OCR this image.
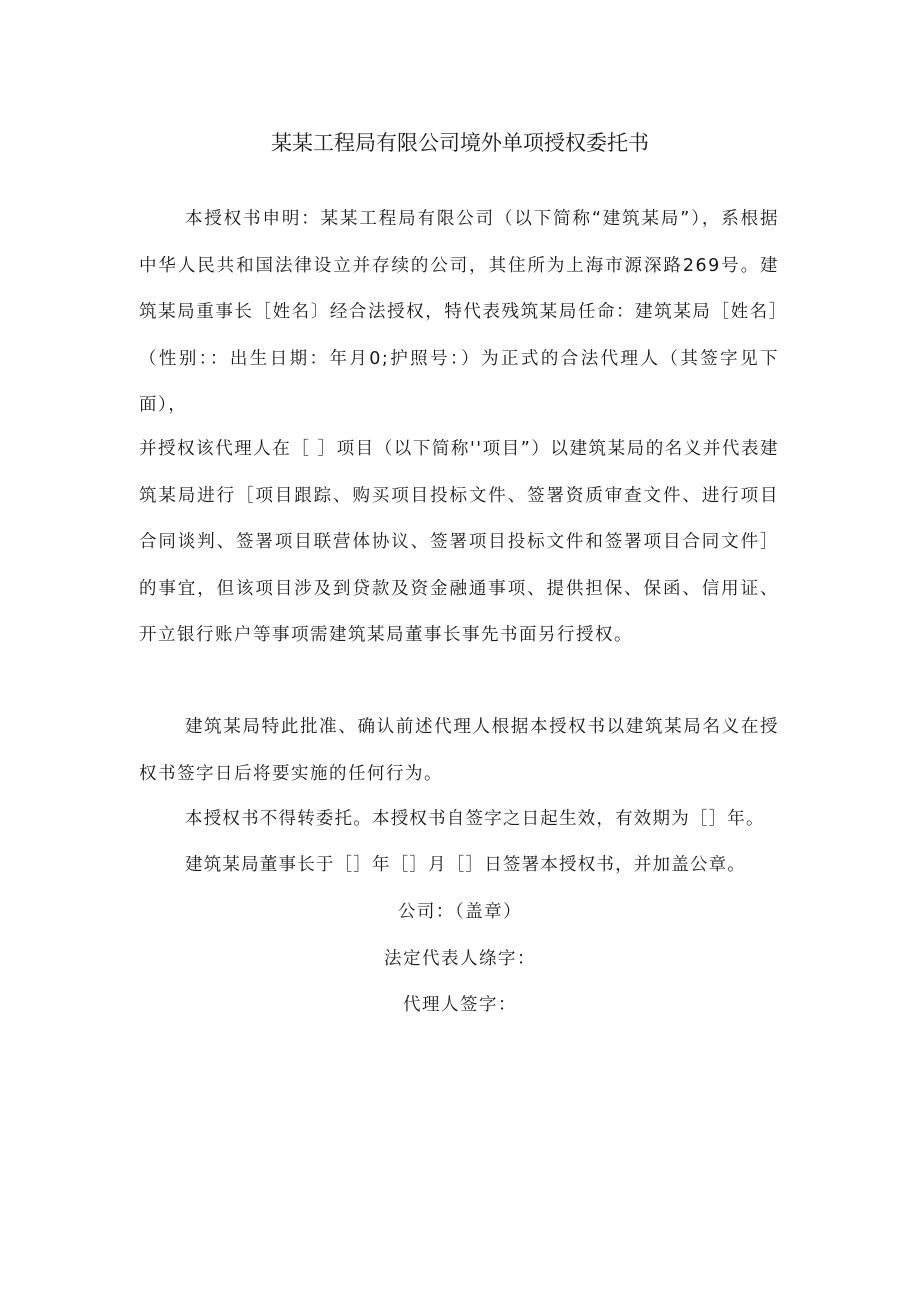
某某工程局有限公司境外单项授权委托书

本授权书申明：某某工程局有限公司（以下简称“建筑某局”），系根据中华人民共和国法律设立并存续的公司，其住所为上海市源深路269号。建筑某局重事长［姓名〕经合法授权，特代表残筑某局任命：建筑某局［姓名］（性别：：出生日期：年月0;护照号：）为正式的合法代理人（其签字见下面），

并授权该代理人在［ ］项目（以下简称''项目”）以建筑某局的名义并代表建筑某局进行［项目跟踪、购买项目投标文件、签署资质审查文件、进行项目合同谈判、签署项目联营体协议、签署项目投标文件和签署项目合同文件］的事宜，但该项目涉及到贷款及资金融通事项、提供担保、保函、信用证、开立银行账户等事项需建筑某局董事长事先书面另行授权。

建筑某局特此批准、确认前述代理人根据本授权书以建筑某局名义在授权书签字日后将要实施的任何行为。

本授权书不得转委托。本授权书自签字之日起生效，有效期为［］年。

建筑某局董事长于［］年［］月［］日签署本授权书，并加盖公章。

公司：（盖章）

法定代表人绦字：

代理人签字：
